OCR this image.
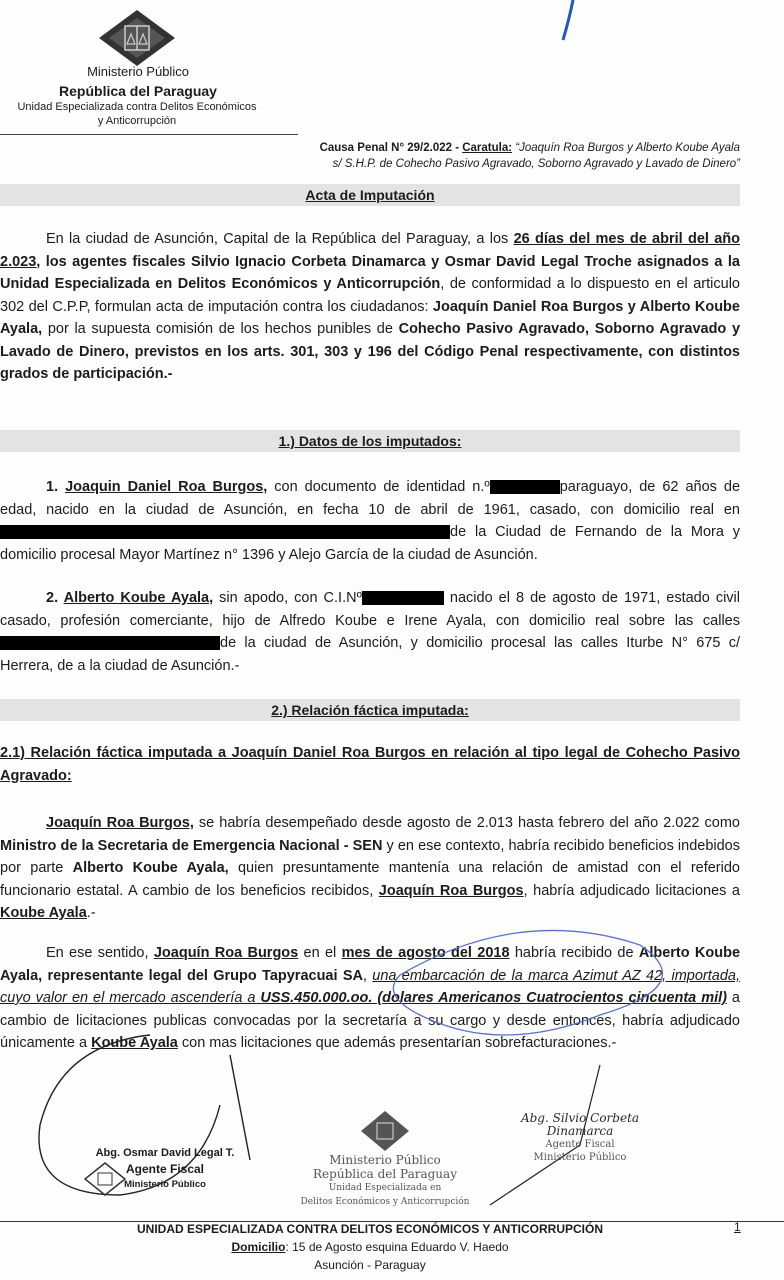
Ministerio Público
República del Paraguay
Unidad Especializada contra Delitos Económicos
y Anticorrupción
Causa Penal N° 29/2.022 - Caratula: “Joaquín Roa Burgos y Alberto Koube Ayala
s/ S.H.P. de Cohecho Pasivo Agravado, Soborno Agravado y Lavado de Dinero”
Acta de Imputación
En la ciudad de Asunción, Capital de la República del Paraguay, a los 26 días del mes de abril del año 2.023, los agentes fiscales Silvio Ignacio Corbeta Dinamarca y Osmar David Legal Troche asignados a la Unidad Especializada en Delitos Económicos y Anticorrupción, de conformidad a lo dispuesto en el articulo 302 del C.P.P, formulan acta de imputación contra los ciudadanos: Joaquín Daniel Roa Burgos y Alberto Koube Ayala, por la supuesta comisión de los hechos punibles de Cohecho Pasivo Agravado, Soborno Agravado y Lavado de Dinero, previstos en los arts. 301, 303 y 196 del Código Penal respectivamente, con distintos grados de participación.-
1.) Datos de los imputados:
1. Joaquin Daniel Roa Burgos, con documento de identidad n.º	paraguayo, de 62 años de edad, nacido en la ciudad de Asunción, en fecha 10 de abril de 1961, casado, con domicilio real en de la Ciudad de Fernando de la Mora y domicilio procesal Mayor Martínez n° 1396 y Alejo García de la ciudad de Asunción.
2. Alberto Koube Ayala, sin apodo, con C.I.Nº	nacido el 8 de agosto de 1971, estado civil casado, profesión comerciante, hijo de Alfredo Koube e Irene Ayala, con domicilio real sobre las calles de la ciudad de Asunción, y domicilio procesal las calles Iturbe N° 675 c/ Herrera, de a la ciudad de Asunción.-
2.) Relación fáctica imputada:
2.1) Relación fáctica imputada a Joaquín Daniel Roa Burgos en relación al tipo legal de Cohecho Pasivo Agravado:
Joaquín Roa Burgos, se habría desempeñado desde agosto de 2.013 hasta febrero del año 2.022 como Ministro de la Secretaria de Emergencia Nacional - SEN y en ese contexto, habría recibido beneficios indebidos por parte Alberto Koube Ayala, quien presuntamente mantenía una relación de amistad con el referido funcionario estatal. A cambio de los beneficios recibidos, Joaquín Roa Burgos, habría adjudicado licitaciones a Koube Ayala.-
En ese sentido, Joaquín Roa Burgos en el mes de agosto del 2018 habría recibido de Alberto Koube Ayala, representante legal del Grupo Tapyracuai SA, una embarcación de la marca Azimut AZ 42, importada, cuyo valor en el mercado ascendería a USS.450.000.oo. (dolares Americanos Cuatrocientos cincuenta mil) a cambio de licitaciones publicas convocadas por la secretaría a su cargo y desde entonces, habría adjudicado únicamente a Koube Ayala con mas licitaciones que además presentarían sobrefacturaciones.-
Abg. Osmar David Legal T.
Agente Fiscal
Ministerio Público
Ministerio Público
República del Paraguay
Unidad Especializada en
Delitos Económicos y Anticorrupción
Abg. Silvio Corbeta Dinamarca
Agente Fiscal
Ministerio Público
UNIDAD ESPECIALIZADA CONTRA DELITOS ECONÓMICOS Y ANTICORRUPCIÓN	1
Domicilio: 15 de Agosto esquina Eduardo V. Haedo
Asunción - Paraguay
